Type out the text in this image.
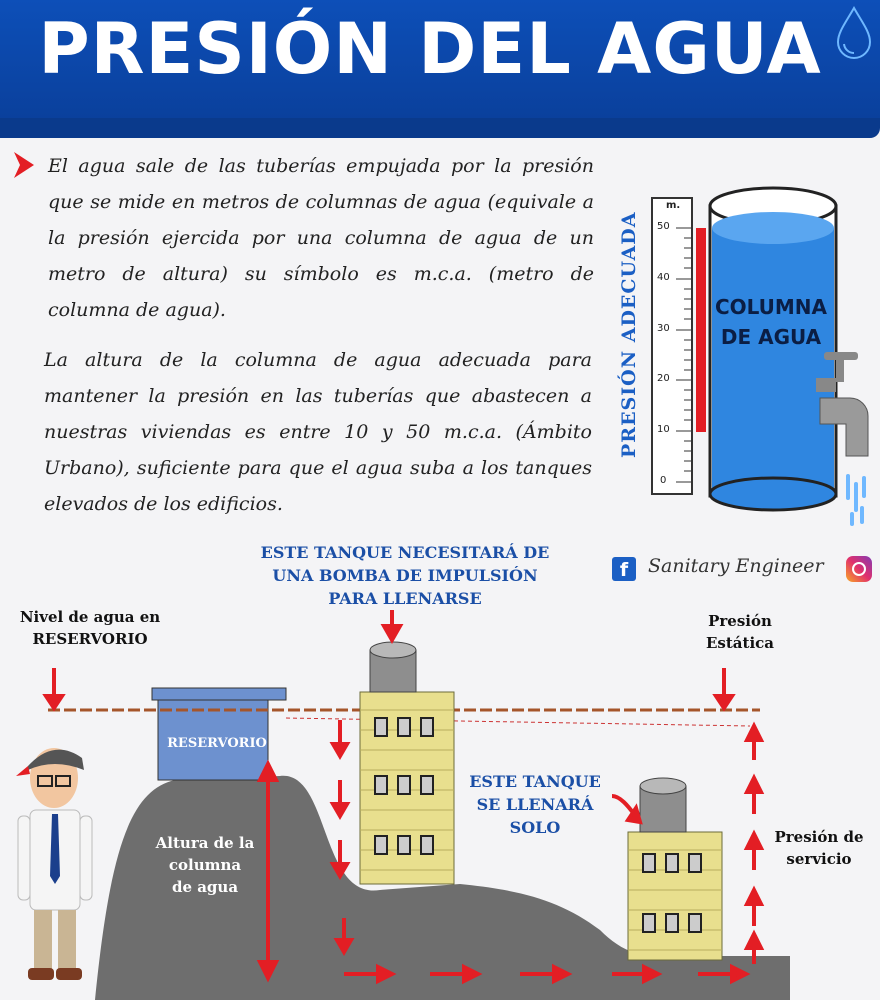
PRESIÓN DEL AGUA
El agua sale de las tuberías empujada por la presión que se mide en metros de columnas de agua (equivale a la presión ejercida por una columna de agua de un metro de altura) su símbolo es m.c.a. (metro de columna de agua).
La altura de la columna de agua adecuada para mantener la presión en las tuberías que abastecen a nuestras viviendas es entre 10 y 50 m.c.a. (Ámbito Urbano), suficiente para que el agua suba a los tanques elevados de los edificios.
PRESIÓN ADECUADA
m.
50
40
30
20
10
0
COLUMNA
DE AGUA
f	Sanitary Engineer
ESTE TANQUE NECESITARÁ DE
UNA BOMBA DE IMPULSIÓN
PARA LLENARSE
Nivel de agua en
RESERVORIO
Presión
Estática
RESERVORIO
ESTE TANQUE
SE LLENARÁ
SOLO
Altura de la
columna
de agua
Presión de
servicio
